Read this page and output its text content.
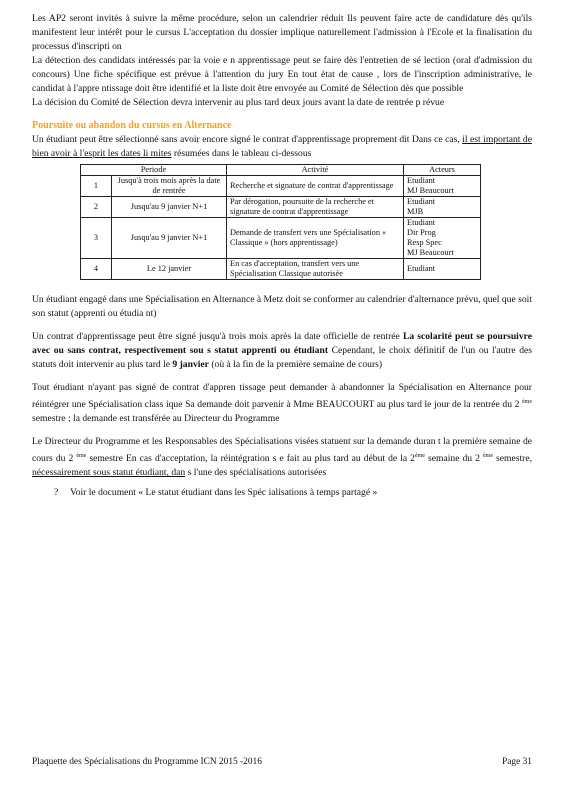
Les AP2 seront invités à suivre la même procédure, selon un calendrier réduit Ils peuvent faire acte de candidature dès qu'ils manifestent leur intérêt pour le cursus L'acceptation du dossier implique naturellement l'admission à l'Ecole et la finalisation du processus d'inscripti on

La détection des candidats intéressés par la voie e n apprentissage peut se faire dès l'entretien de sé lection (oral d'admission du concours) Une fiche spécifique est prévue à l'attention du jury En tout état de cause , lors de l'inscription administrative, le candidat à l'appre ntissage doit être identifié et la liste doit être envoyée au Comité de Sélection dès que possible

La décision du Comité de Sélection devra intervenir au plus tard deux jours avant la date de rentrée p révue

Poursuite ou abandon du cursus en Alternance

Un étudiant peut être sélectionné sans avoir encore signé le contrat d'apprentissage proprement dit Dans ce cas, il est important de bien avoir à l'esprit les dates li mites résumées dans le tableau ci-dessous

Periode		Activité	Acteurs
1	Jusqu'à trois mois après la date de rentrée	Recherche et signature de contrat d'apprentissage	Etudiant
MJ Beaucourt
2	Jusqu'au 9 janvier N+1	Par dérogation, poursuite de la recherche et signature de contrat d'apprentissage	Etudiant
MJB
3	Jusqu'au 9 janvier N+1	Demande de transfert vers une Spécialisation « Classique » (hors apprentissage)	Etudiant
Dir Prog
Resp Spec
MJ Beaucourt
4	Le 12 janvier	En cas d'acceptation, transfert vers une Spécialisation Classique autorisée	Etudiant

Un étudiant engagé dans une Spécialisation en Alternance à Metz doit se conformer au calendrier d'alternance prévu, quel que soit son statut (apprenti ou étudia nt)

Un contrat d'apprentissage peut être signé jusqu'à trois mois après la date officielle de rentrée La scolarité peut se poursuivre avec ou sans contrat, respectivement sou s statut apprenti ou étudiant Cependant, le choix définitif de l'un ou l'autre des statuts doit intervenir au plus tard le 9 janvier (où à la fin de la première semaine de cours)

Tout étudiant n'ayant pas signé de contrat d'appren tissage peut demander à abandonner la Spécialisation en Alternance pour réintégrer une Spécialisation class ique Sa demande doit parvenir à Mme BEAUCOURT au plus tard le jour de la rentrée du 2 $^{ème}$ semestre ; la demande est transférée au Directeur du Programme

Le Directeur du Programme et les Responsables des Spécialisations visées statuent sur la demande duran t la première semaine de cours du 2 $^{ème}$ semestre En cas d'acceptation, la réintégration s e fait au plus tard au début de la 2ème semaine du 2 $^{ème}$ semestre, nécessairement sous statut étudiant, dan s l'une des spécialisations autorisées

? Voir le document « Le statut étudiant dans les Spéc ialisations à temps partagé »
Plaquette des Spécialisations du Programme ICN 2015 -2016	Page 31
